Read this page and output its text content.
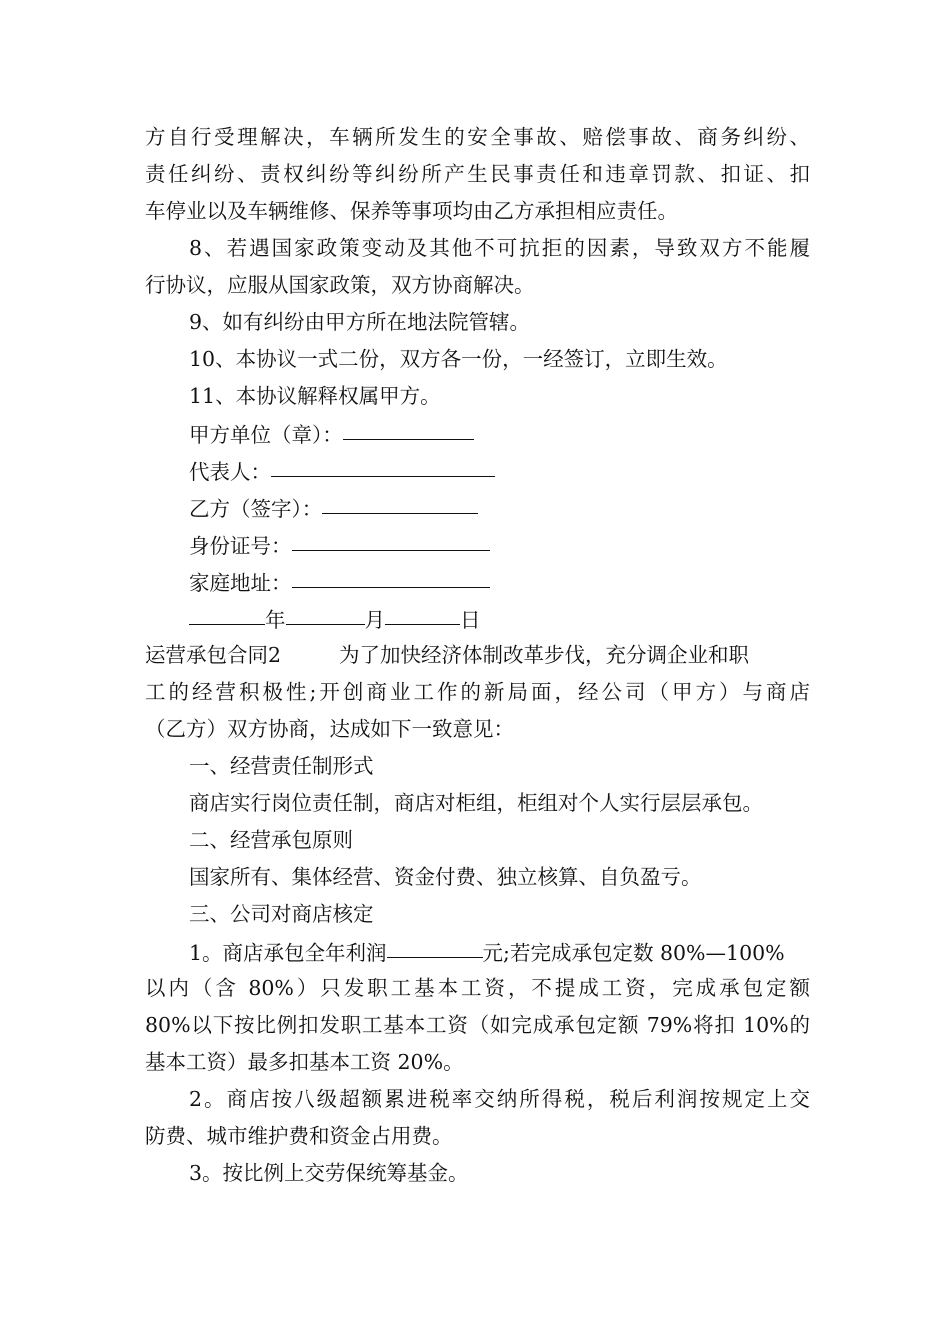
方自行受理解决，车辆所发生的安全事故、赔偿事故、商务纠纷、
责任纠纷、责权纠纷等纠纷所产生民事责任和违章罚款、扣证、扣
车停业以及车辆维修、保养等事项均由乙方承担相应责任。
8、若遇国家政策变动及其他不可抗拒的因素，导致双方不能履
行协议，应服从国家政策，双方协商解决。
9、如有纠纷由甲方所在地法院管辖。
10、本协议一式二份，双方各一份，一经签订，立即生效。
11、本协议解释权属甲方。
甲方单位（章）：
代表人：
乙方（签字）：
身份证号：
家庭地址：
年	月	日
运营承包合同2	为了加快经济体制改革步伐，充分调企业和职
工的经营积极性;开创商业工作的新局面，经公司（甲方）与商店
（乙方）双方协商，达成如下一致意见：
一、经营责任制形式
商店实行岗位责任制，商店对柜组，柜组对个人实行层层承包。
二、经营承包原则
国家所有、集体经营、资金付费、独立核算、自负盈亏。
三、公司对商店核定
1。商店承包全年利润	元;若完成承包定数 80%—100%
以内（含 80%）只发职工基本工资，不提成工资，完成承包定额
80%以下按比例扣发职工基本工资（如完成承包定额 79%将扣 10%的
基本工资）最多扣基本工资 20%。
2。商店按八级超额累进税率交纳所得税，税后利润按规定上交
防费、城市维护费和资金占用费。
3。按比例上交劳保统筹基金。
